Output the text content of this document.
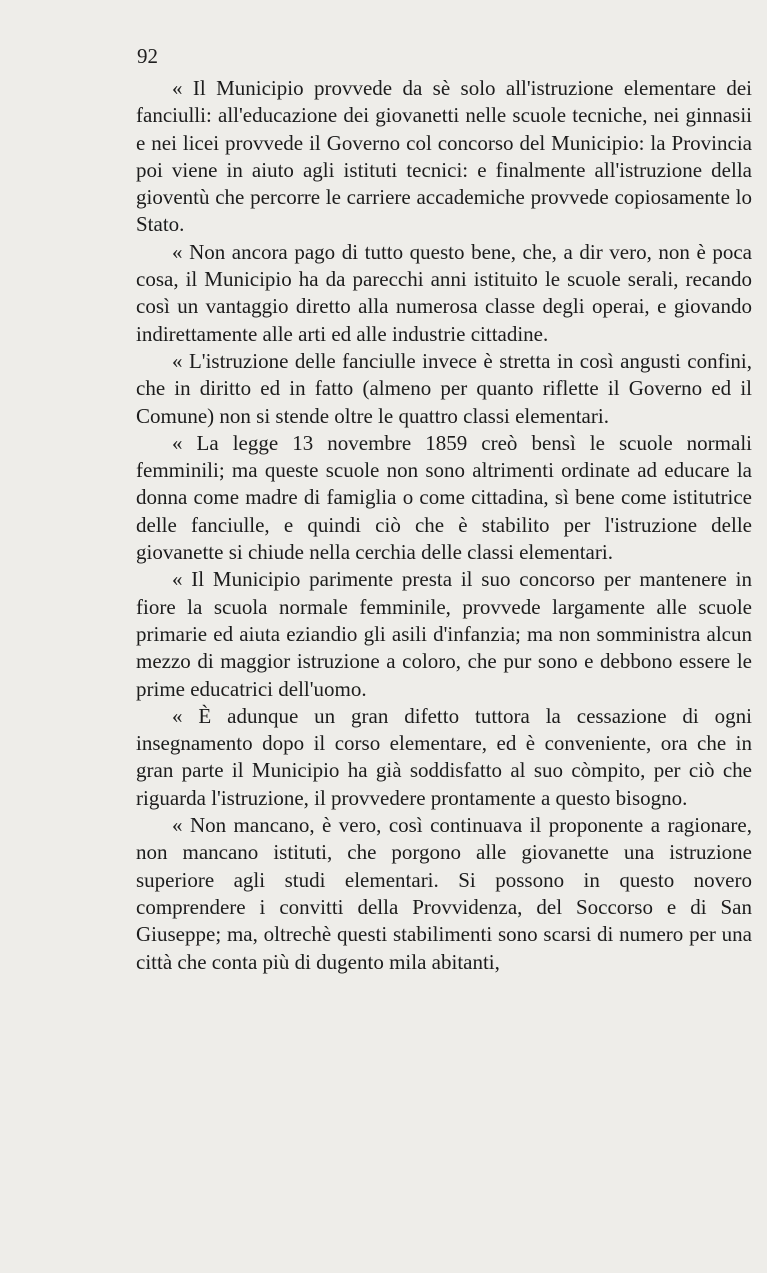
92

« Il Municipio provvede da sè solo all'istruzione elementare dei fanciulli: all'educazione dei giovanetti nelle scuole tecniche, nei ginnasii e nei licei provvede il Governo col concorso del Municipio: la Provincia poi viene in aiuto agli istituti tecnici: e finalmente all'istruzione della gioventù che percorre le carriere accademiche provvede copiosamente lo Stato.

« Non ancora pago di tutto questo bene, che, a dir vero, non è poca cosa, il Municipio ha da parecchi anni istituito le scuole serali, recando così un vantaggio diretto alla numerosa classe degli operai, e giovando indirettamente alle arti ed alle industrie cittadine.

« L'istruzione delle fanciulle invece è stretta in così angusti confini, che in diritto ed in fatto (almeno per quanto riflette il Governo ed il Comune) non si stende oltre le quattro classi elementari.

« La legge 13 novembre 1859 creò bensì le scuole normali femminili; ma queste scuole non sono altrimenti ordinate ad educare la donna come madre di famiglia o come cittadina, sì bene come istitutrice delle fanciulle, e quindi ciò che è stabilito per l'istruzione delle giovanette si chiude nella cerchia delle classi elementari.

« Il Municipio parimente presta il suo concorso per mantenere in fiore la scuola normale femminile, provvede largamente alle scuole primarie ed aiuta eziandio gli asili d'infanzia; ma non somministra alcun mezzo di maggior istruzione a coloro, che pur sono e debbono essere le prime educatrici dell'uomo.

« È adunque un gran difetto tuttora la cessazione di ogni insegnamento dopo il corso elementare, ed è conveniente, ora che in gran parte il Municipio ha già soddisfatto al suo còmpito, per ciò che riguarda l'istruzione, il provvedere prontamente a questo bisogno.

« Non mancano, è vero, così continuava il proponente a ragionare, non mancano istituti, che porgono alle giovanette una istruzione superiore agli studi elementari. Si possono in questo novero comprendere i convitti della Provvidenza, del Soccorso e di San Giuseppe; ma, oltrechè questi stabilimenti sono scarsi di numero per una città che conta più di dugento mila abitanti,
